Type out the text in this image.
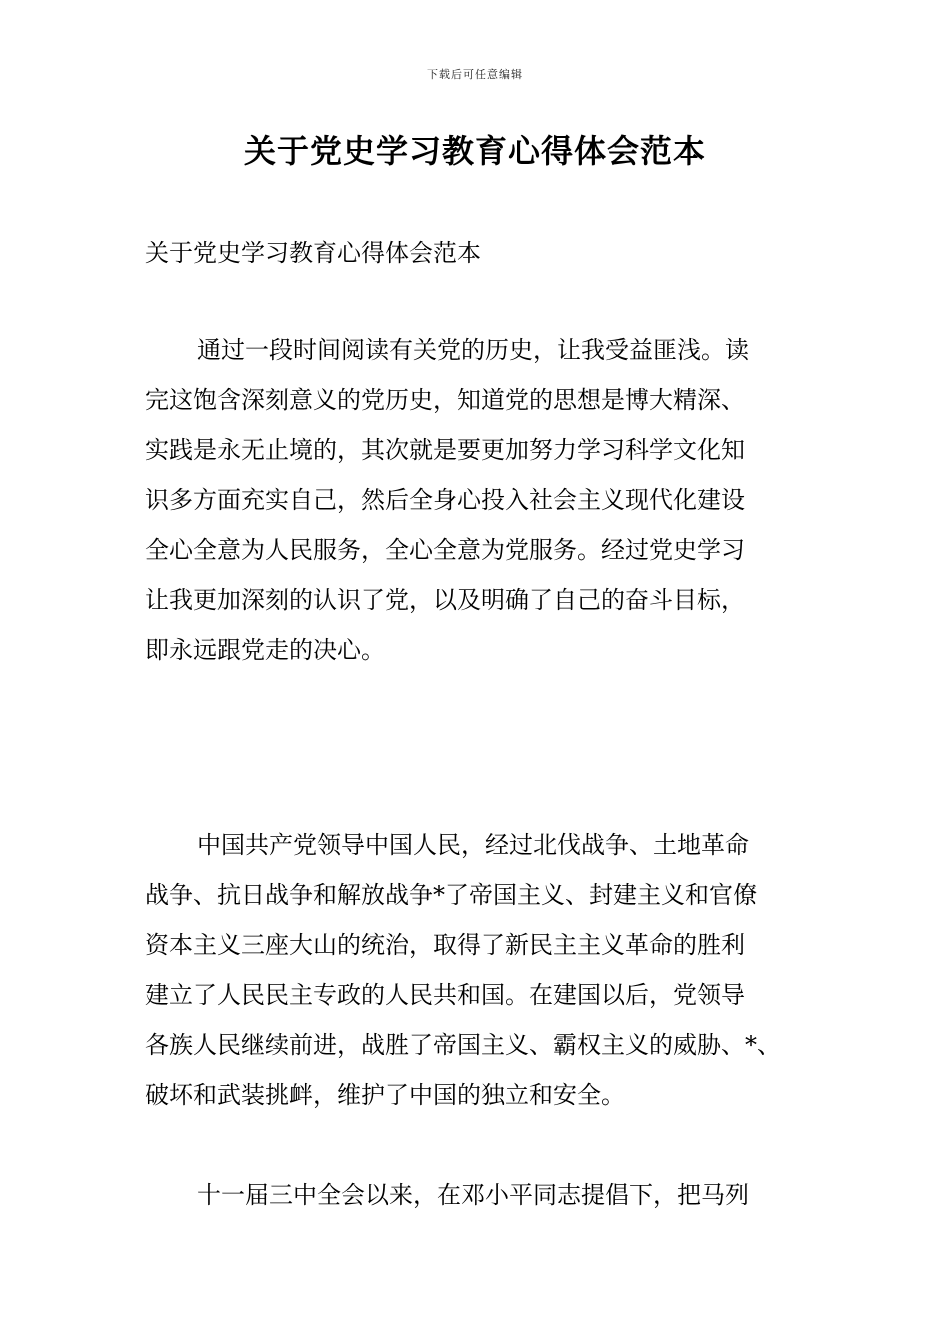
下载后可任意编辑
关于党史学习教育心得体会范本

关于党史学习教育心得体会范本

通过一段时间阅读有关党的历史，让我受益匪浅。读
完这饱含深刻意义的党历史，知道党的思想是博大精深、
实践是永无止境的，其次就是要更加努力学习科学文化知
识多方面充实自己，然后全身心投入社会主义现代化建设
全心全意为人民服务，全心全意为党服务。经过党史学习
让我更加深刻的认识了党，以及明确了自己的奋斗目标，
即永远跟党走的决心。
中国共产党领导中国人民，经过北伐战争、土地革命
战争、抗日战争和解放战争*了帝国主义、封建主义和官僚
资本主义三座大山的统治，取得了新民主主义革命的胜利
建立了人民民主专政的人民共和国。在建国以后，党领导
各族人民继续前进，战胜了帝国主义、霸权主义的威胁、*、
破坏和武装挑衅，维护了中国的独立和安全。
十一届三中全会以来，在邓小平同志提倡下，把马列
